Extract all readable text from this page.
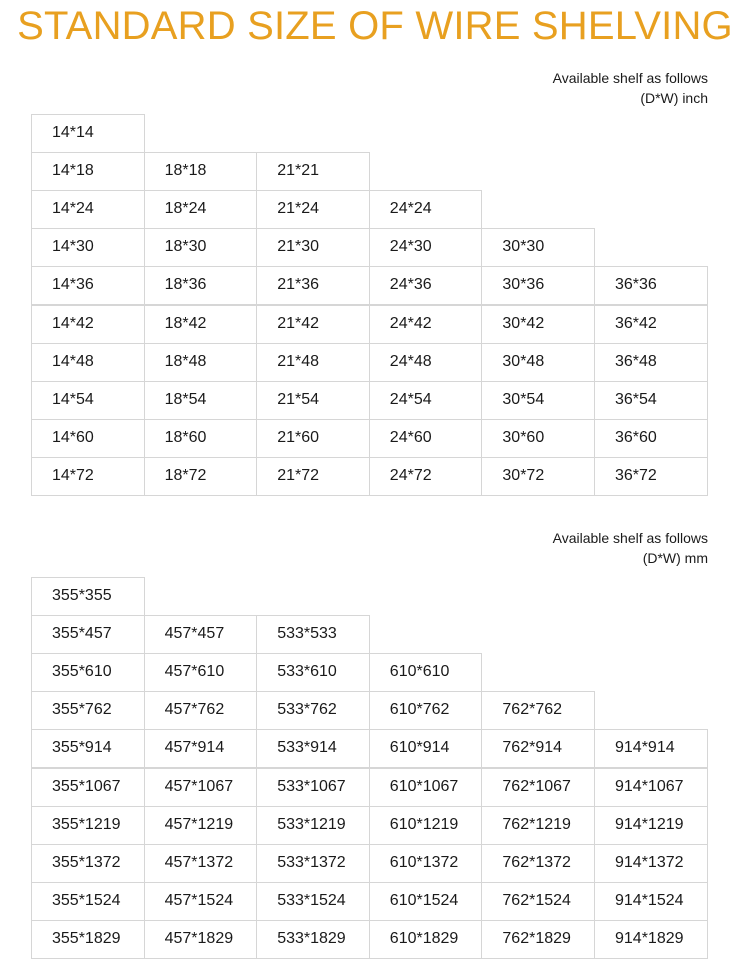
STANDARD SIZE OF WIRE SHELVING
Available shelf as follows
(D*W) inch
14*14
14*18	18*18	21*21
14*24	18*24	21*24	24*24
14*30	18*30	21*30	24*30	30*30
14*36	18*36	21*36	24*36	30*36	36*36
14*42	18*42	21*42	24*42	30*42	36*42
14*48	18*48	21*48	24*48	30*48	36*48
14*54	18*54	21*54	24*54	30*54	36*54
14*60	18*60	21*60	24*60	30*60	36*60
14*72	18*72	21*72	24*72	30*72	36*72
Available shelf as follows
(D*W) mm
355*355
355*457	457*457	533*533
355*610	457*610	533*610	610*610
355*762	457*762	533*762	610*762	762*762
355*914	457*914	533*914	610*914	762*914	914*914
355*1067	457*1067	533*1067	610*1067	762*1067	914*1067
355*1219	457*1219	533*1219	610*1219	762*1219	914*1219
355*1372	457*1372	533*1372	610*1372	762*1372	914*1372
355*1524	457*1524	533*1524	610*1524	762*1524	914*1524
355*1829	457*1829	533*1829	610*1829	762*1829	914*1829
